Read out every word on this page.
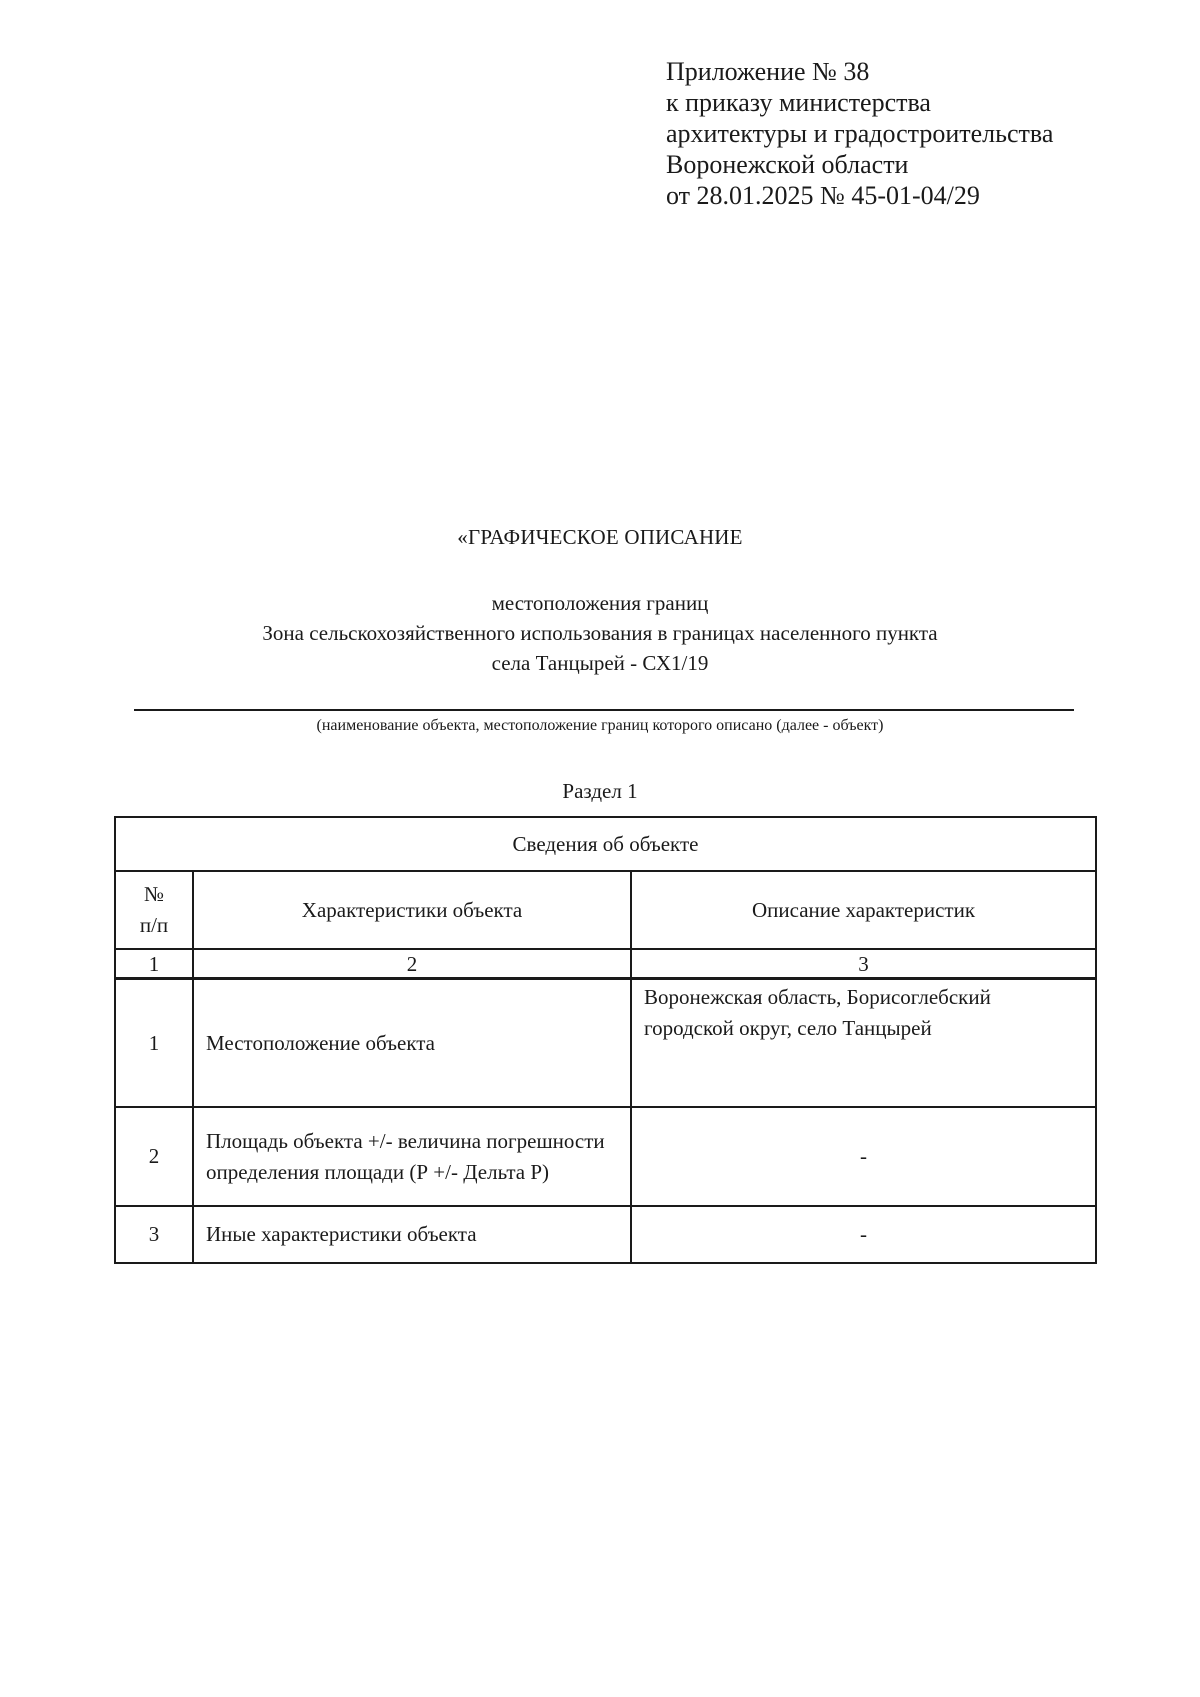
Приложение № 38
к приказу министерства
архитектуры и градостроительства
Воронежской области
от 28.01.2025 № 45-01-04/29
«ГРАФИЧЕСКОЕ ОПИСАНИЕ
местоположения границ
Зона сельскохозяйственного использования в границах населенного пункта
села Танцырей - СХ1/19
(наименование объекта, местоположение границ которого описано (далее - объект)
Раздел 1
Сведения об объекте		

№
п/п	Характеристики объекта	Описание характеристик
1	2	3
1	Местоположение объекта	Воронежская область, Борисоглебский городской округ, село Танцырей
2	Площадь объекта +/- величина погрешности определения площади (Р +/- Дельта Р)	-
3	Иные характеристики объекта	-
